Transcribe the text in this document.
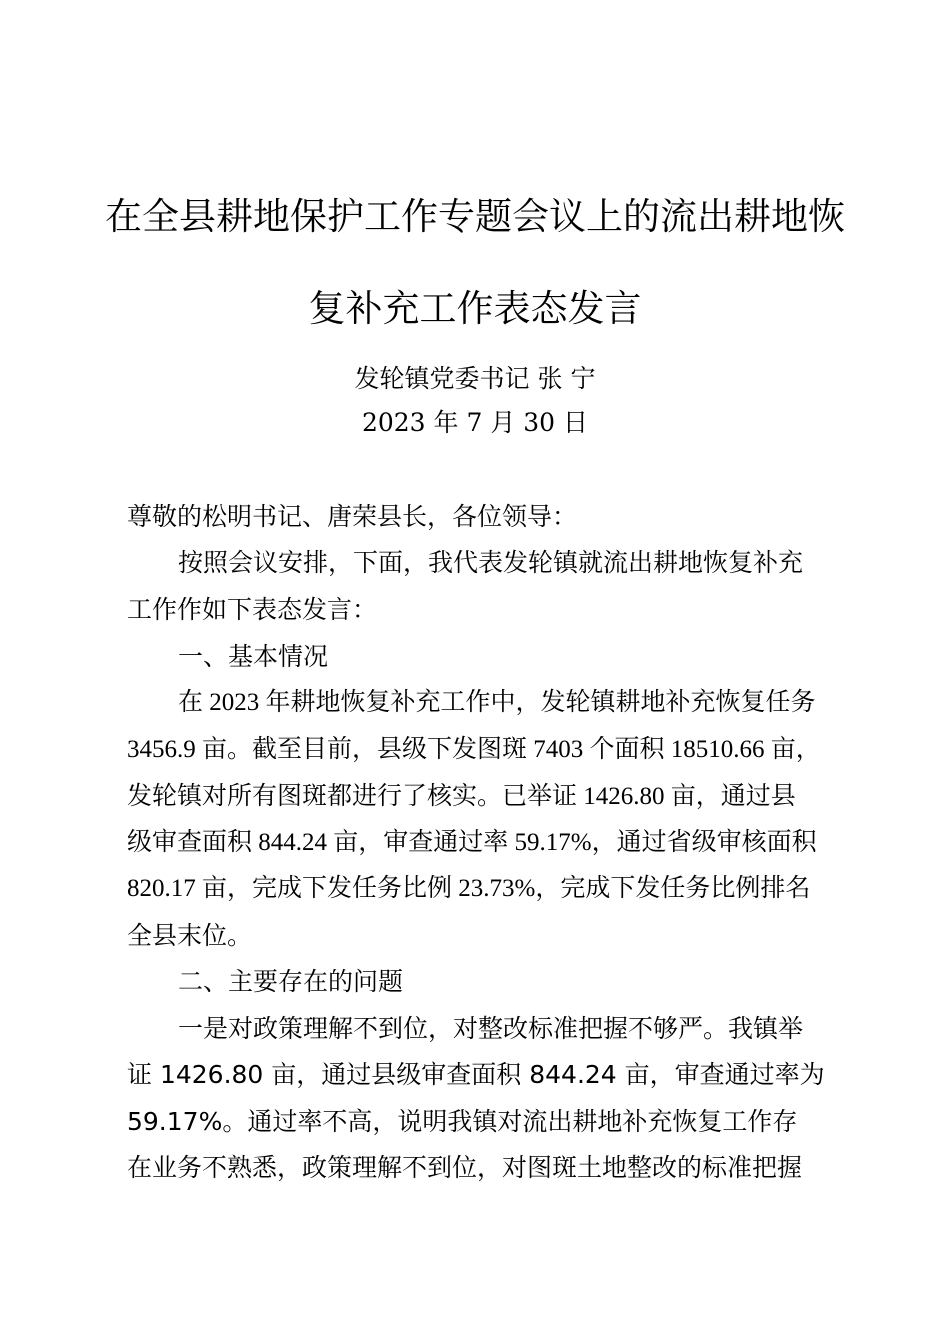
在全县耕地保护工作专题会议上的流出耕地恢
复补充工作表态发言
发轮镇党委书记 张 宁
2023 年 7 月 30 日
尊敬的松明书记、唐荣县长，各位领导：
按照会议安排，下面，我代表发轮镇就流出耕地恢复补充
工作作如下表态发言：
一、基本情况
在 2023 年耕地恢复补充工作中，发轮镇耕地补充恢复任务
3456.9 亩。截至目前，县级下发图斑 7403 个面积 18510.66 亩，
发轮镇对所有图斑都进行了核实。已举证 1426.80 亩，通过县
级审查面积 844.24 亩，审查通过率 59.17%，通过省级审核面积
820.17 亩，完成下发任务比例 23.73%，完成下发任务比例排名
全县末位。
二、主要存在的问题
一是对政策理解不到位，对整改标准把握不够严。我镇举
证 1426.80 亩，通过县级审查面积 844.24 亩，审查通过率为
59.17%。通过率不高，说明我镇对流出耕地补充恢复工作存
在业务不熟悉，政策理解不到位，对图斑土地整改的标准把握
